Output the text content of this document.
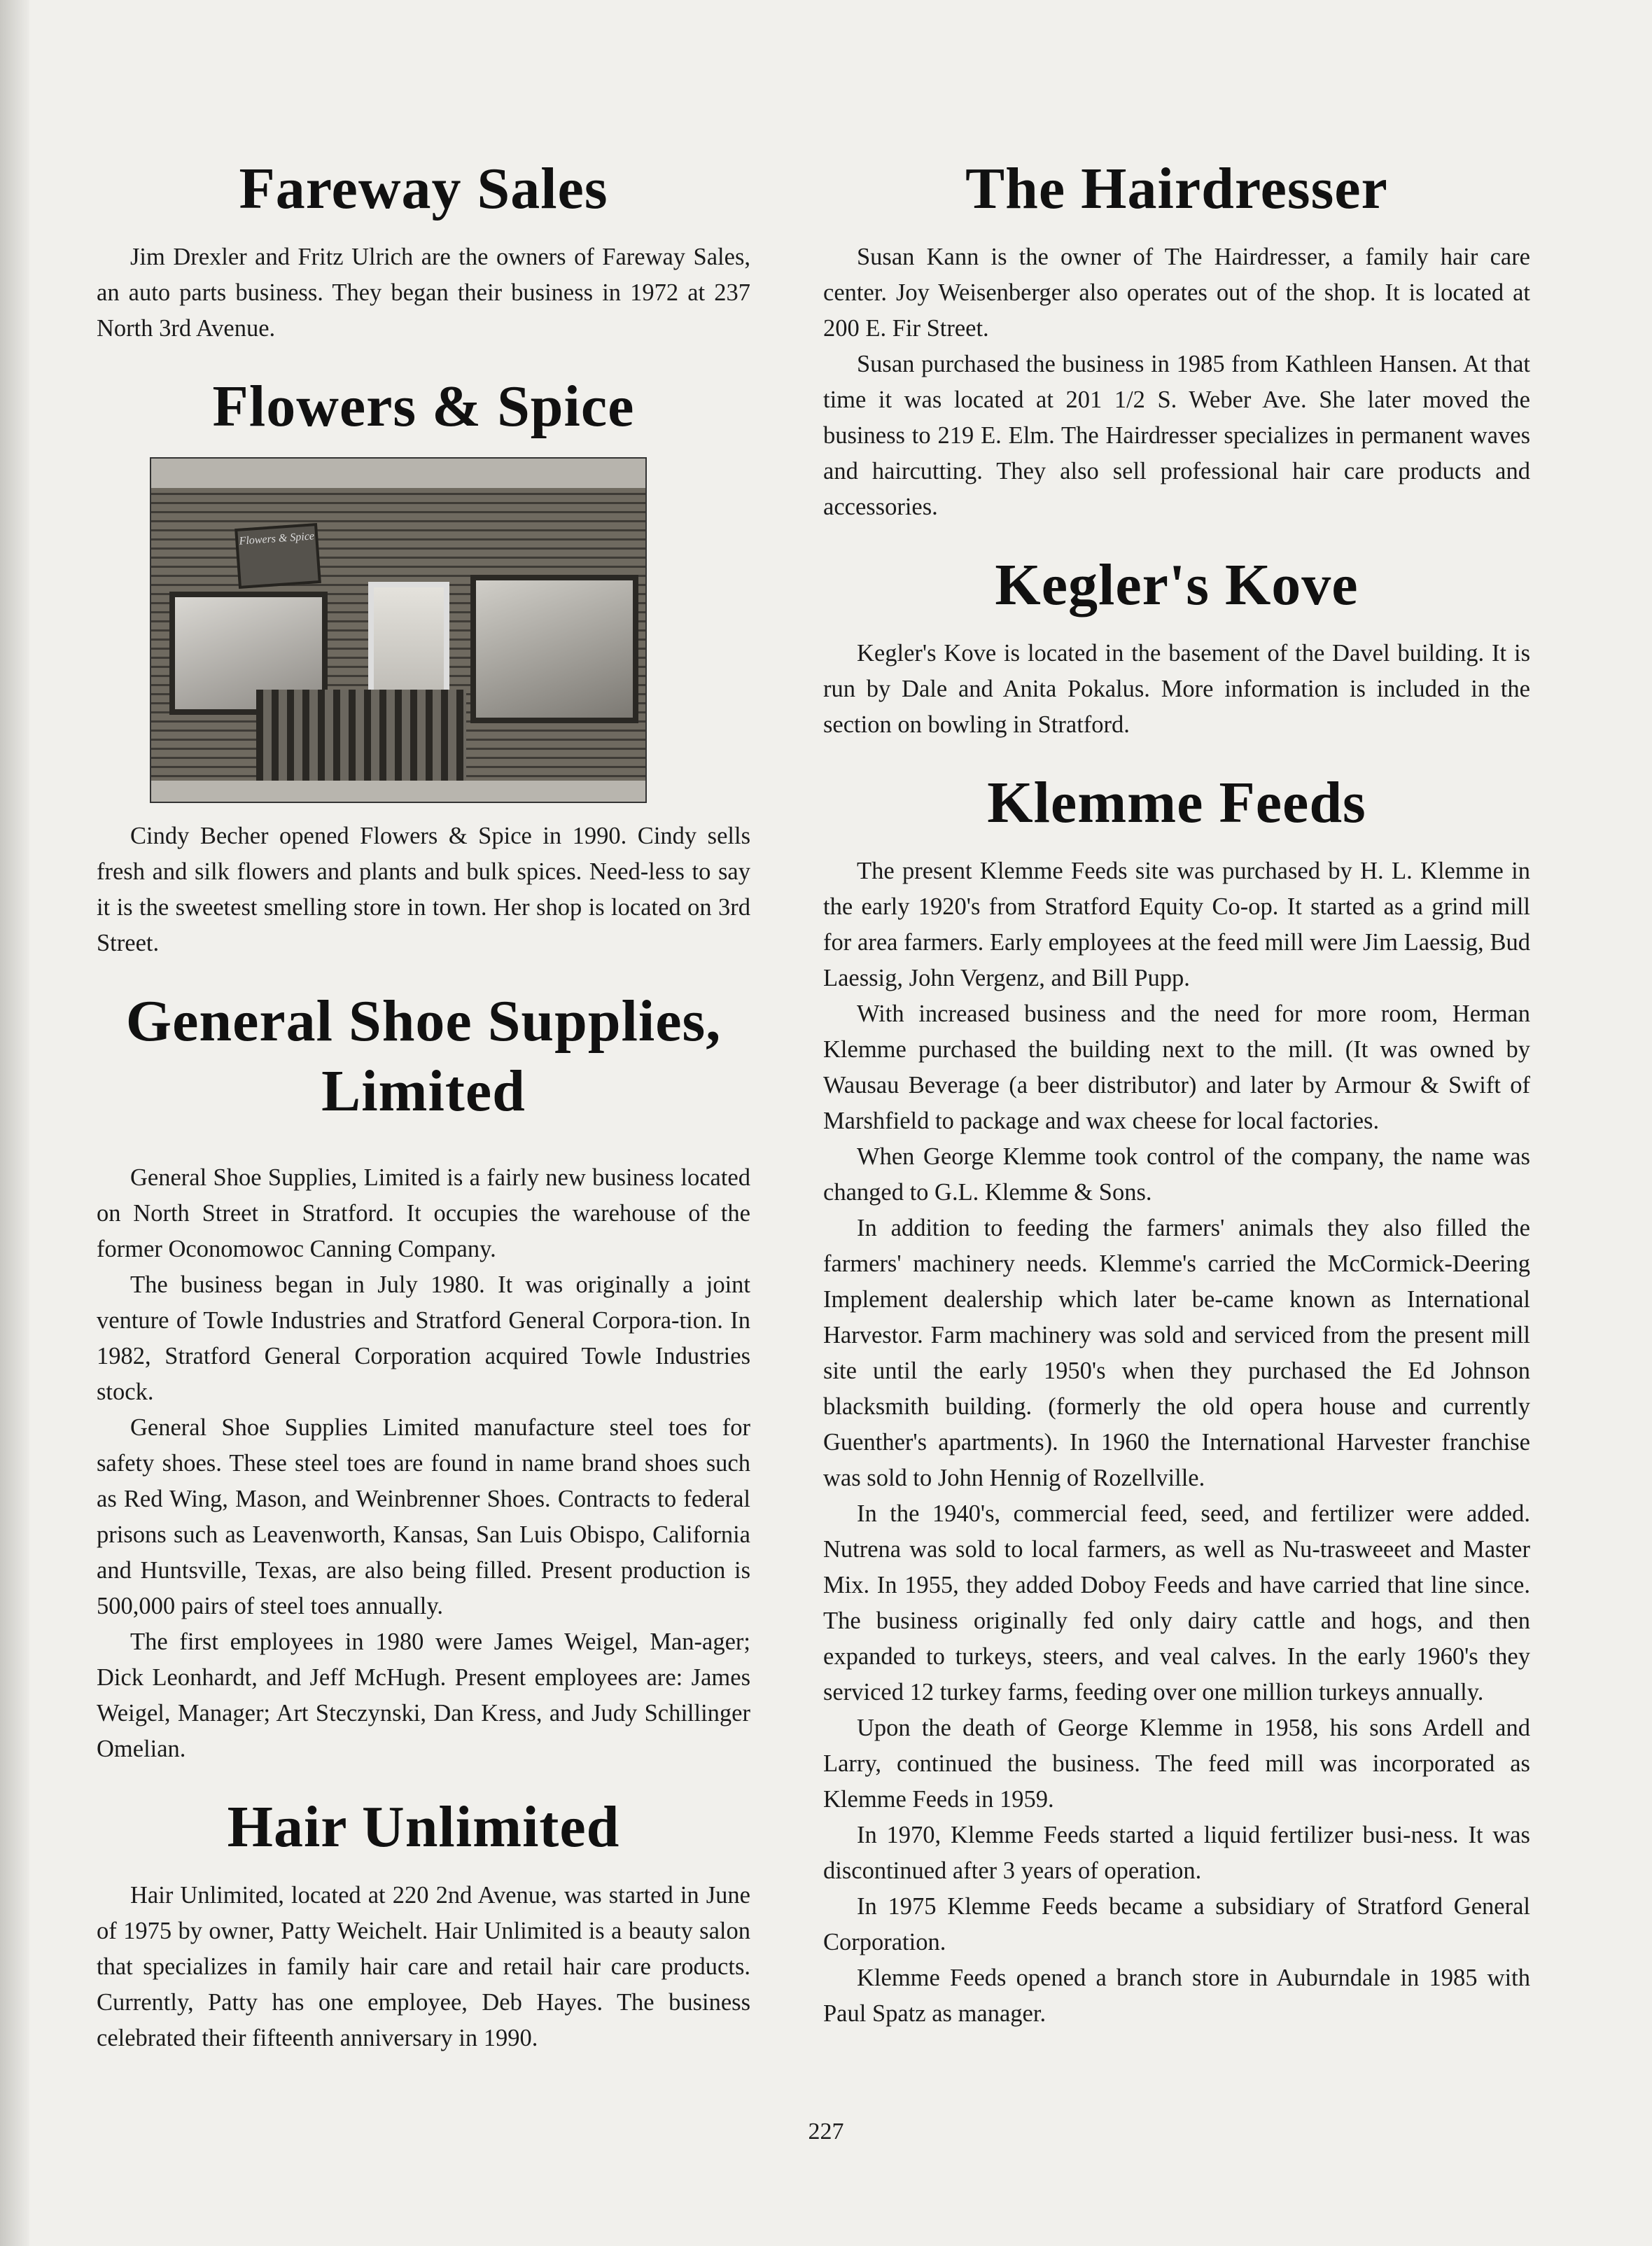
Fareway Sales

Jim Drexler and Fritz Ulrich are the owners of Fareway Sales, an auto parts business. They began their business in 1972 at 237 North 3rd Avenue.

Flowers & Spice
Flowers & Spice

Cindy Becher opened Flowers & Spice in 1990. Cindy sells fresh and silk flowers and plants and bulk spices. Need-less to say it is the sweetest smelling store in town. Her shop is located on 3rd Street.

General Shoe Supplies, Limited

General Shoe Supplies, Limited is a fairly new business located on North Street in Stratford. It occupies the warehouse of the former Oconomowoc Canning Company.

The business began in July 1980. It was originally a joint venture of Towle Industries and Stratford General Corpora-tion. In 1982, Stratford General Corporation acquired Towle Industries stock.

General Shoe Supplies Limited manufacture steel toes for safety shoes. These steel toes are found in name brand shoes such as Red Wing, Mason, and Weinbrenner Shoes. Contracts to federal prisons such as Leavenworth, Kansas, San Luis Obispo, California and Huntsville, Texas, are also being filled. Present production is 500,000 pairs of steel toes annually.

The first employees in 1980 were James Weigel, Man-ager; Dick Leonhardt, and Jeff McHugh. Present employees are: James Weigel, Manager; Art Steczynski, Dan Kress, and Judy Schillinger Omelian.

Hair Unlimited

Hair Unlimited, located at 220 2nd Avenue, was started in June of 1975 by owner, Patty Weichelt. Hair Unlimited is a beauty salon that specializes in family hair care and retail hair care products. Currently, Patty has one employee, Deb Hayes. The business celebrated their fifteenth anniversary in 1990.

The Hairdresser

Susan Kann is the owner of The Hairdresser, a family hair care center. Joy Weisenberger also operates out of the shop. It is located at 200 E. Fir Street.

Susan purchased the business in 1985 from Kathleen Hansen. At that time it was located at 201 1/2 S. Weber Ave. She later moved the business to 219 E. Elm. The Hairdresser specializes in permanent waves and haircutting. They also sell professional hair care products and accessories.

Kegler's Kove

Kegler's Kove is located in the basement of the Davel building. It is run by Dale and Anita Pokalus. More information is included in the section on bowling in Stratford.

Klemme Feeds

The present Klemme Feeds site was purchased by H. L. Klemme in the early 1920's from Stratford Equity Co-op. It started as a grind mill for area farmers. Early employees at the feed mill were Jim Laessig, Bud Laessig, John Vergenz, and Bill Pupp.

With increased business and the need for more room, Herman Klemme purchased the building next to the mill. (It was owned by Wausau Beverage (a beer distributor) and later by Armour & Swift of Marshfield to package and wax cheese for local factories.

When George Klemme took control of the company, the name was changed to G.L. Klemme & Sons.

In addition to feeding the farmers' animals they also filled the farmers' machinery needs. Klemme's carried the McCormick-Deering Implement dealership which later be-came known as International Harvestor. Farm machinery was sold and serviced from the present mill site until the early 1950's when they purchased the Ed Johnson blacksmith building. (formerly the old opera house and currently Guenther's apartments). In 1960 the International Harvester franchise was sold to John Hennig of Rozellville.

In the 1940's, commercial feed, seed, and fertilizer were added. Nutrena was sold to local farmers, as well as Nu-trasweeet and Master Mix. In 1955, they added Doboy Feeds and have carried that line since. The business originally fed only dairy cattle and hogs, and then expanded to turkeys, steers, and veal calves. In the early 1960's they serviced 12 turkey farms, feeding over one million turkeys annually.

Upon the death of George Klemme in 1958, his sons Ardell and Larry, continued the business. The feed mill was incorporated as Klemme Feeds in 1959.

In 1970, Klemme Feeds started a liquid fertilizer busi-ness. It was discontinued after 3 years of operation.

In 1975 Klemme Feeds became a subsidiary of Stratford General Corporation.

Klemme Feeds opened a branch store in Auburndale in 1985 with Paul Spatz as manager.

227
